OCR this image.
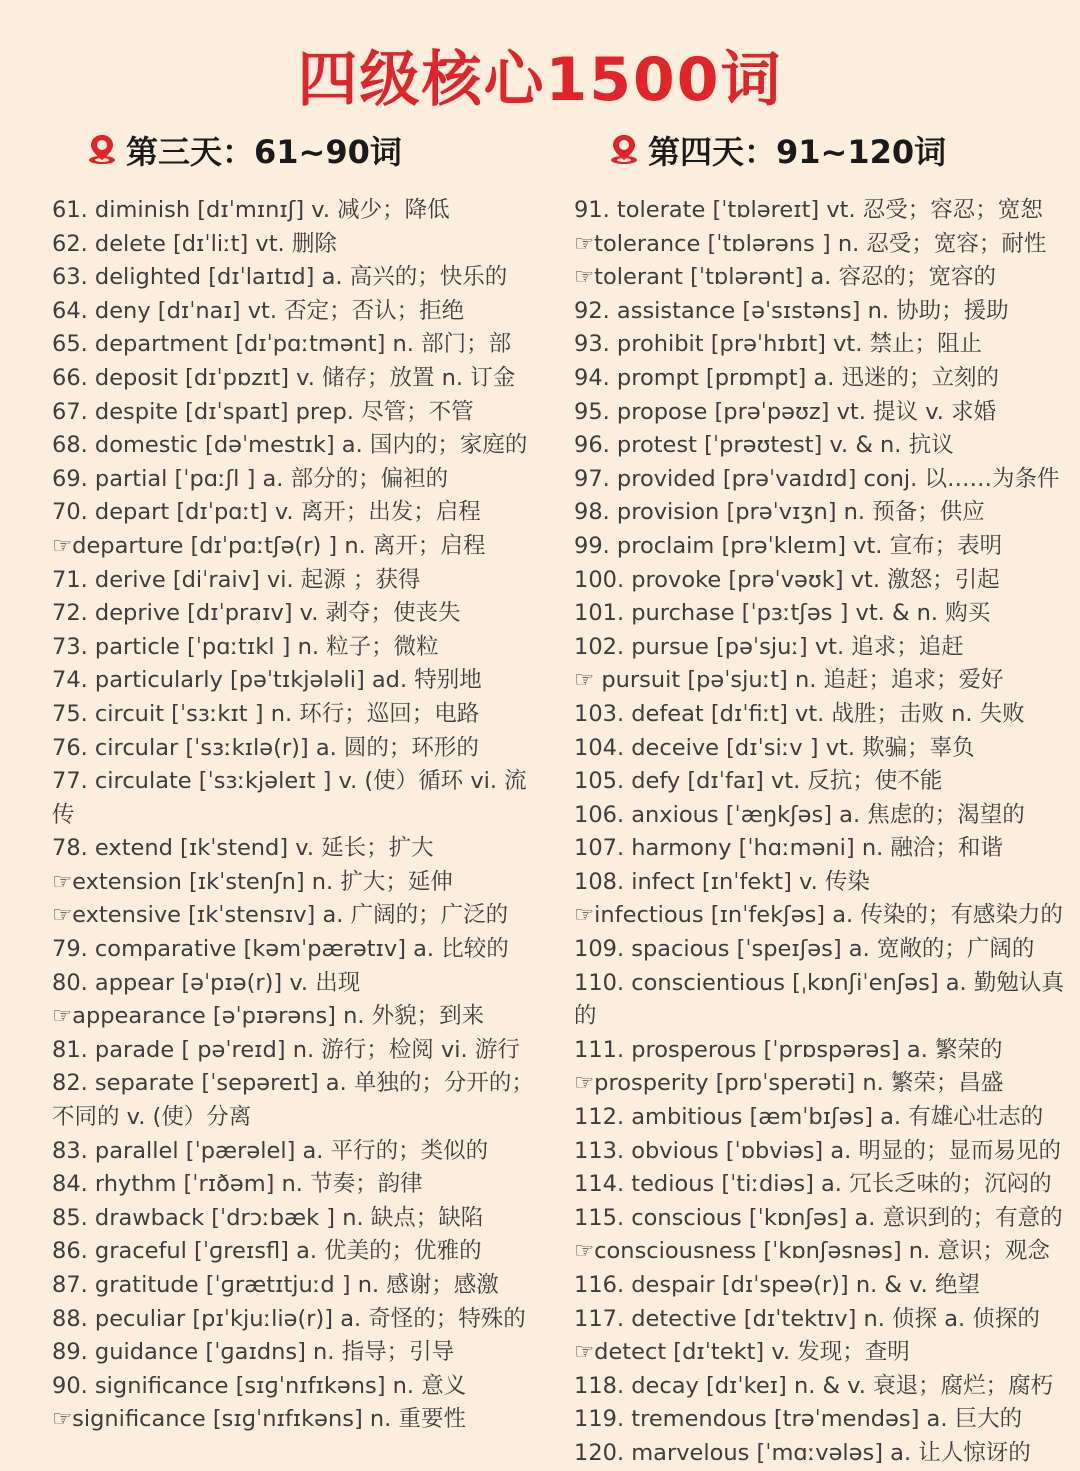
四级核心1500词
第三天：61~90词
61. diminish [dɪˈmɪnɪʃ] v. 减少；降低
62. delete [dɪˈliːt] vt. 删除
63. delighted [dɪˈlaɪtɪd] a. 高兴的；快乐的
64. deny [dɪˈnaɪ] vt. 否定；否认；拒绝
65. department [dɪˈpɑːtmənt] n. 部门；部
66. deposit [dɪˈpɒzɪt] v. 储存；放置 n. 订金
67. despite [dɪˈspaɪt] prep. 尽管；不管
68. domestic [dəˈmestɪk] a. 国内的；家庭的
69. partial [ˈpɑːʃl ] a. 部分的；偏袒的
70. depart [dɪˈpɑːt] v. 离开；出发；启程
☞departure [dɪˈpɑːtʃə(r) ] n. 离开；启程
71. derive [diˈraiv] vi. 起源 ；获得
72. deprive [dɪˈpraɪv] v. 剥夺；使丧失
73. particle [ˈpɑːtɪkl ] n. 粒子；微粒
74. particularly [pəˈtɪkjələli] ad. 特别地
75. circuit [ˈsɜːkɪt ] n. 环行；巡回；电路
76. circular [ˈsɜːkɪlə(r)] a. 圆的；环形的
77. circulate [ˈsɜːkjəleɪt ] v. (使）循环 vi. 流传
78. extend [ɪkˈstend] v. 延长；扩大
☞extension [ɪkˈstenʃn] n. 扩大；延伸
☞extensive [ɪkˈstensɪv] a. 广阔的；广泛的
79. comparative [kəmˈpærətɪv] a. 比较的
80. appear [əˈpɪə(r)] v. 出现
☞appearance [əˈpɪərəns] n. 外貌；到来
81. parade [ pəˈreɪd] n. 游行；检阅 vi. 游行
82. separate [ˈsepəreɪt] a. 单独的；分开的；不同的 v. (使）分离
83. parallel [ˈpærəlel] a. 平行的；类似的
84. rhythm [ˈrɪðəm] n. 节奏；韵律
85. drawback [ˈdrɔːbæk ] n. 缺点；缺陷
86. graceful [ˈɡreɪsfl] a. 优美的；优雅的
87. gratitude [ˈɡrætɪtjuːd ] n. 感谢；感激
88. peculiar [pɪˈkjuːliə(r)] a. 奇怪的；特殊的
89. guidance [ˈɡaɪdns] n. 指导；引导
90. significance [sɪɡˈnɪfɪkəns] n. 意义
☞significance [sɪɡˈnɪfɪkəns] n. 重要性
第四天：91~120词
91. tolerate [ˈtɒləreɪt] vt. 忍受；容忍；宽恕
☞tolerance [ˈtɒlərəns ] n. 忍受；宽容；耐性
☞tolerant [ˈtɒlərənt] a. 容忍的；宽容的
92. assistance [əˈsɪstəns] n. 协助；援助
93. prohibit [prəˈhɪbɪt] vt. 禁止；阻止
94. prompt [prɒmpt] a. 迅迷的；立刻的
95. propose [prəˈpəʊz] vt. 提议 v. 求婚
96. protest [ˈprəʊtest] v. & n. 抗议
97. provided [prəˈvaɪdɪd] conj. 以……为条件
98. provision [prəˈvɪʒn] n. 预备；供应
99. proclaim [prəˈkleɪm] vt. 宣布；表明
100. provoke [prəˈvəʊk] vt. 激怒；引起
101. purchase [ˈpɜːtʃəs ] vt. & n. 购买
102. pursue [pəˈsjuː] vt. 追求；追赶
☞ pursuit [pəˈsjuːt] n. 追赶；追求；爱好
103. defeat [dɪˈfiːt] vt. 战胜；击败 n. 失败
104. deceive [dɪˈsiːv ] vt. 欺骗；辜负
105. defy [dɪˈfaɪ] vt. 反抗；使不能
106. anxious [ˈæŋkʃəs] a. 焦虑的；渴望的
107. harmony [ˈhɑːməni] n. 融洽；和谐
108. infect [ɪnˈfekt] v. 传染
☞infectious [ɪnˈfekʃəs] a. 传染的；有感染力的
109. spacious [ˈspeɪʃəs] a. 宽敞的；广阔的
110. conscientious [ˌkɒnʃiˈenʃəs] a. 勤勉认真的
111. prosperous [ˈprɒspərəs] a. 繁荣的
☞prosperity [prɒˈsperəti] n. 繁荣；昌盛
112. ambitious [æmˈbɪʃəs] a. 有雄心壮志的
113. obvious [ˈɒbviəs] a. 明显的；显而易见的
114. tedious [ˈtiːdiəs] a. 冗长乏味的；沉闷的
115. conscious [ˈkɒnʃəs] a. 意识到的；有意的
☞consciousness [ˈkɒnʃəsnəs] n. 意识；观念
116. despair [dɪˈspeə(r)] n. & v. 绝望
117. detective [dɪˈtektɪv] n. 侦探 a. 侦探的
☞detect [dɪˈtekt] v. 发现；查明
118. decay [dɪˈkeɪ] n. & v. 衰退；腐烂；腐朽
119. tremendous [trəˈmendəs] a. 巨大的
120. marvelous [ˈmɑːvələs] a. 让人惊讶的
